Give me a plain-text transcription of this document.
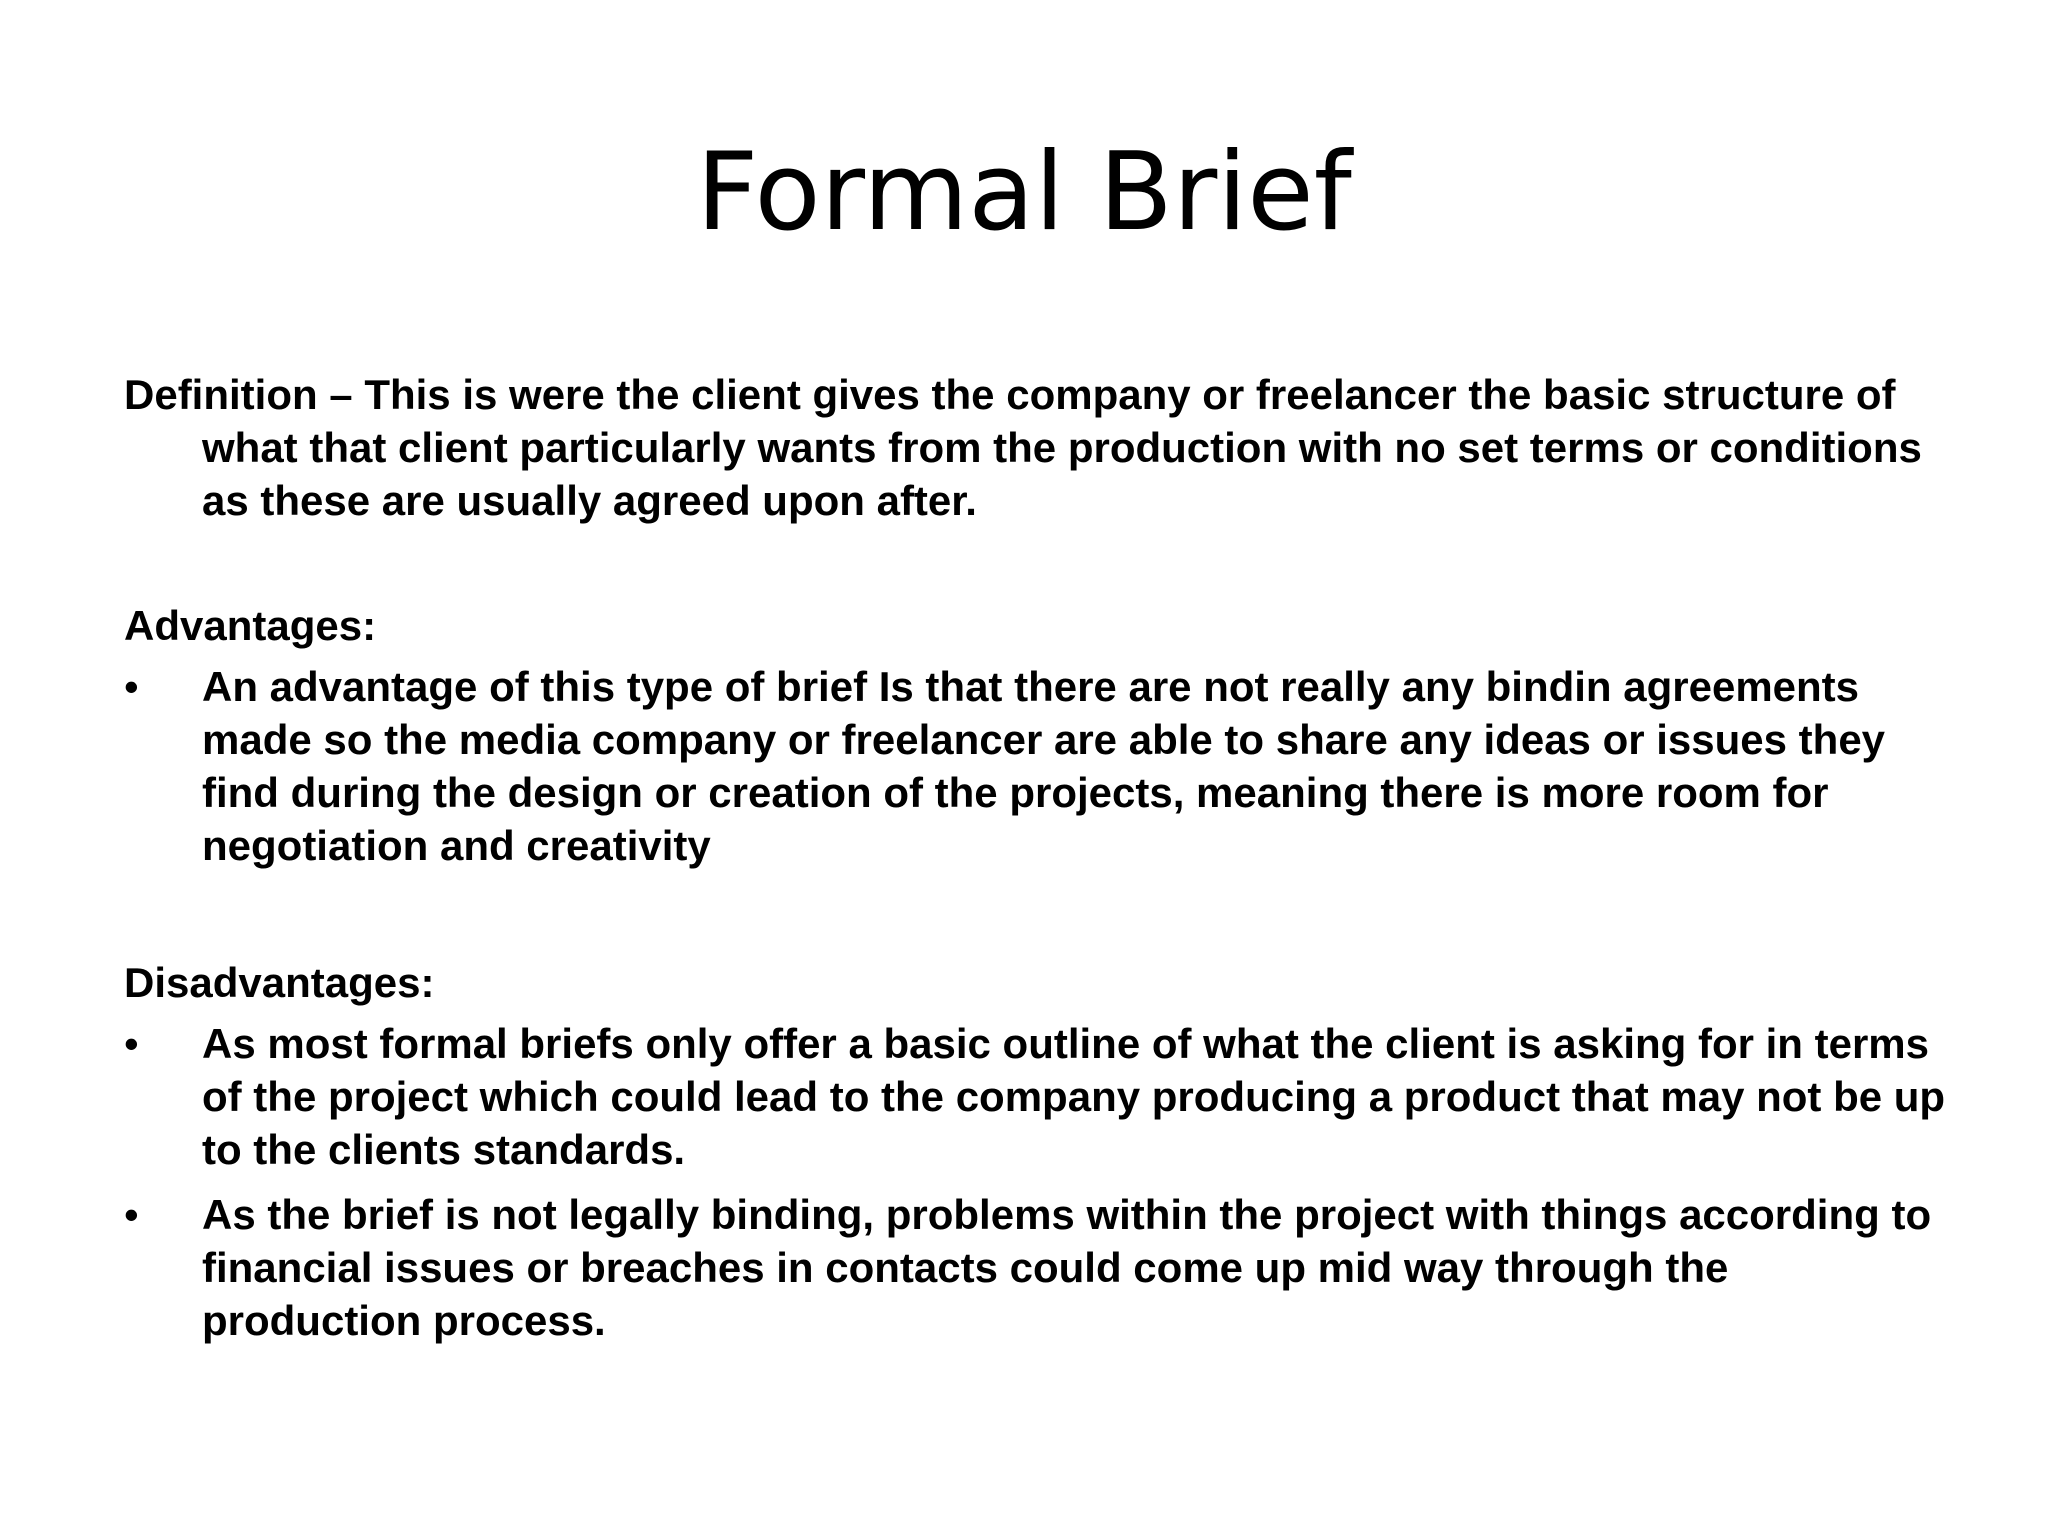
Formal Brief

Definition – This is were the client gives the company or freelancer the basic structure of what that client particularly wants from the production with no set terms or conditions as these are usually agreed upon after.

Advantages:

•	An advantage of this type of brief Is that there are not really any bindin agreements made so the media company or freelancer are able to share any ideas or issues they find during the design or creation of the projects, meaning there is more room for negotiation and creativity

Disadvantages:

•	As most formal briefs only offer a basic outline of what the client is asking for in terms of the project which could lead to the company producing a product that may not be up to the clients standards.
•	As the brief is not legally binding, problems within the project with things according to financial issues or breaches in contacts could come up mid way through the production process.
